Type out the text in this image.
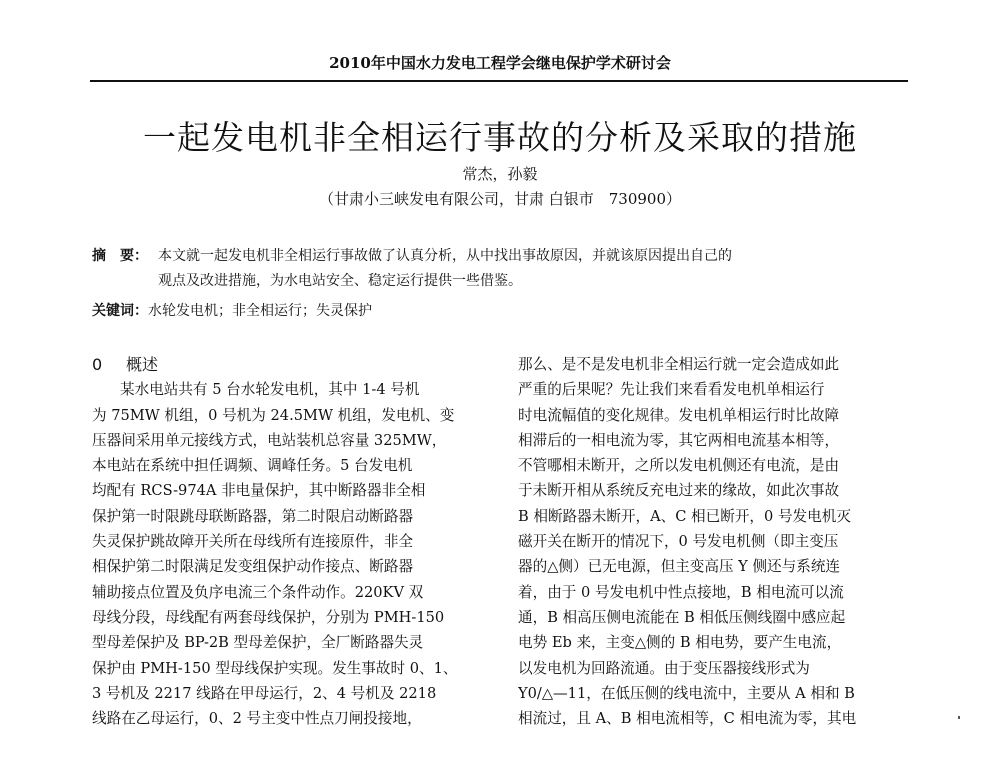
2010年中国水力发电工程学会继电保护学术研讨会
一起发电机非全相运行事故的分析及采取的措施
常杰，孙毅
（甘肃小三峡发电有限公司，甘肃 白银市　730900）
摘　要： 本文就一起发电机非全相运行事故做了认真分析，从中找出事故原因，并就该原因提出自己的
观点及改进措施，为水电站安全、稳定运行提供一些借鉴。
关键词：水轮发电机；非全相运行；失灵保护
0 概述
某水电站共有 5 台水轮发电机，其中 1-4 号机
为 75MW 机组，0 号机为 24.5MW 机组，发电机、变
压器间采用单元接线方式，电站装机总容量 325MW，
本电站在系统中担任调频、调峰任务。5 台发电机
均配有 RCS-974A 非电量保护，其中断路器非全相
保护第一时限跳母联断路器，第二时限启动断路器
失灵保护跳故障开关所在母线所有连接原件，非全
相保护第二时限满足发变组保护动作接点、断路器
辅助接点位置及负序电流三个条件动作。220KV 双
母线分段，母线配有两套母线保护，分别为 PMH-150
型母差保护及 BP-2B 型母差保护，全厂断路器失灵
保护由 PMH-150 型母线保护实现。发生事故时 0、1、
3 号机及 2217 线路在甲母运行，2、4 号机及 2218
线路在乙母运行，0、2 号主变中性点刀闸投接地，
那么、是不是发电机非全相运行就一定会造成如此
严重的后果呢？先让我们来看看发电机单相运行
时电流幅值的变化规律。发电机单相运行时比故障
相滞后的一相电流为零，其它两相电流基本相等，
不管哪相未断开，之所以发电机侧还有电流，是由
于未断开相从系统反充电过来的缘故，如此次事故
B 相断路器未断开，A、C 相已断开，0 号发电机灭
磁开关在断开的情况下，0 号发电机侧（即主变压
器的△侧）已无电源，但主变高压 Y 侧还与系统连
着，由于 0 号发电机中性点接地，B 相电流可以流
通，B 相高压侧电流能在 B 相低压侧线圈中感应起
电势 Eb 来，主变△侧的 B 相电势，要产生电流，
以发电机为回路流通。由于变压器接线形式为
Y0/△—11，在低压侧的线电流中，主要从 A 相和 B
相流过，且 A、B 相电流相等，C 相电流为零，其电
